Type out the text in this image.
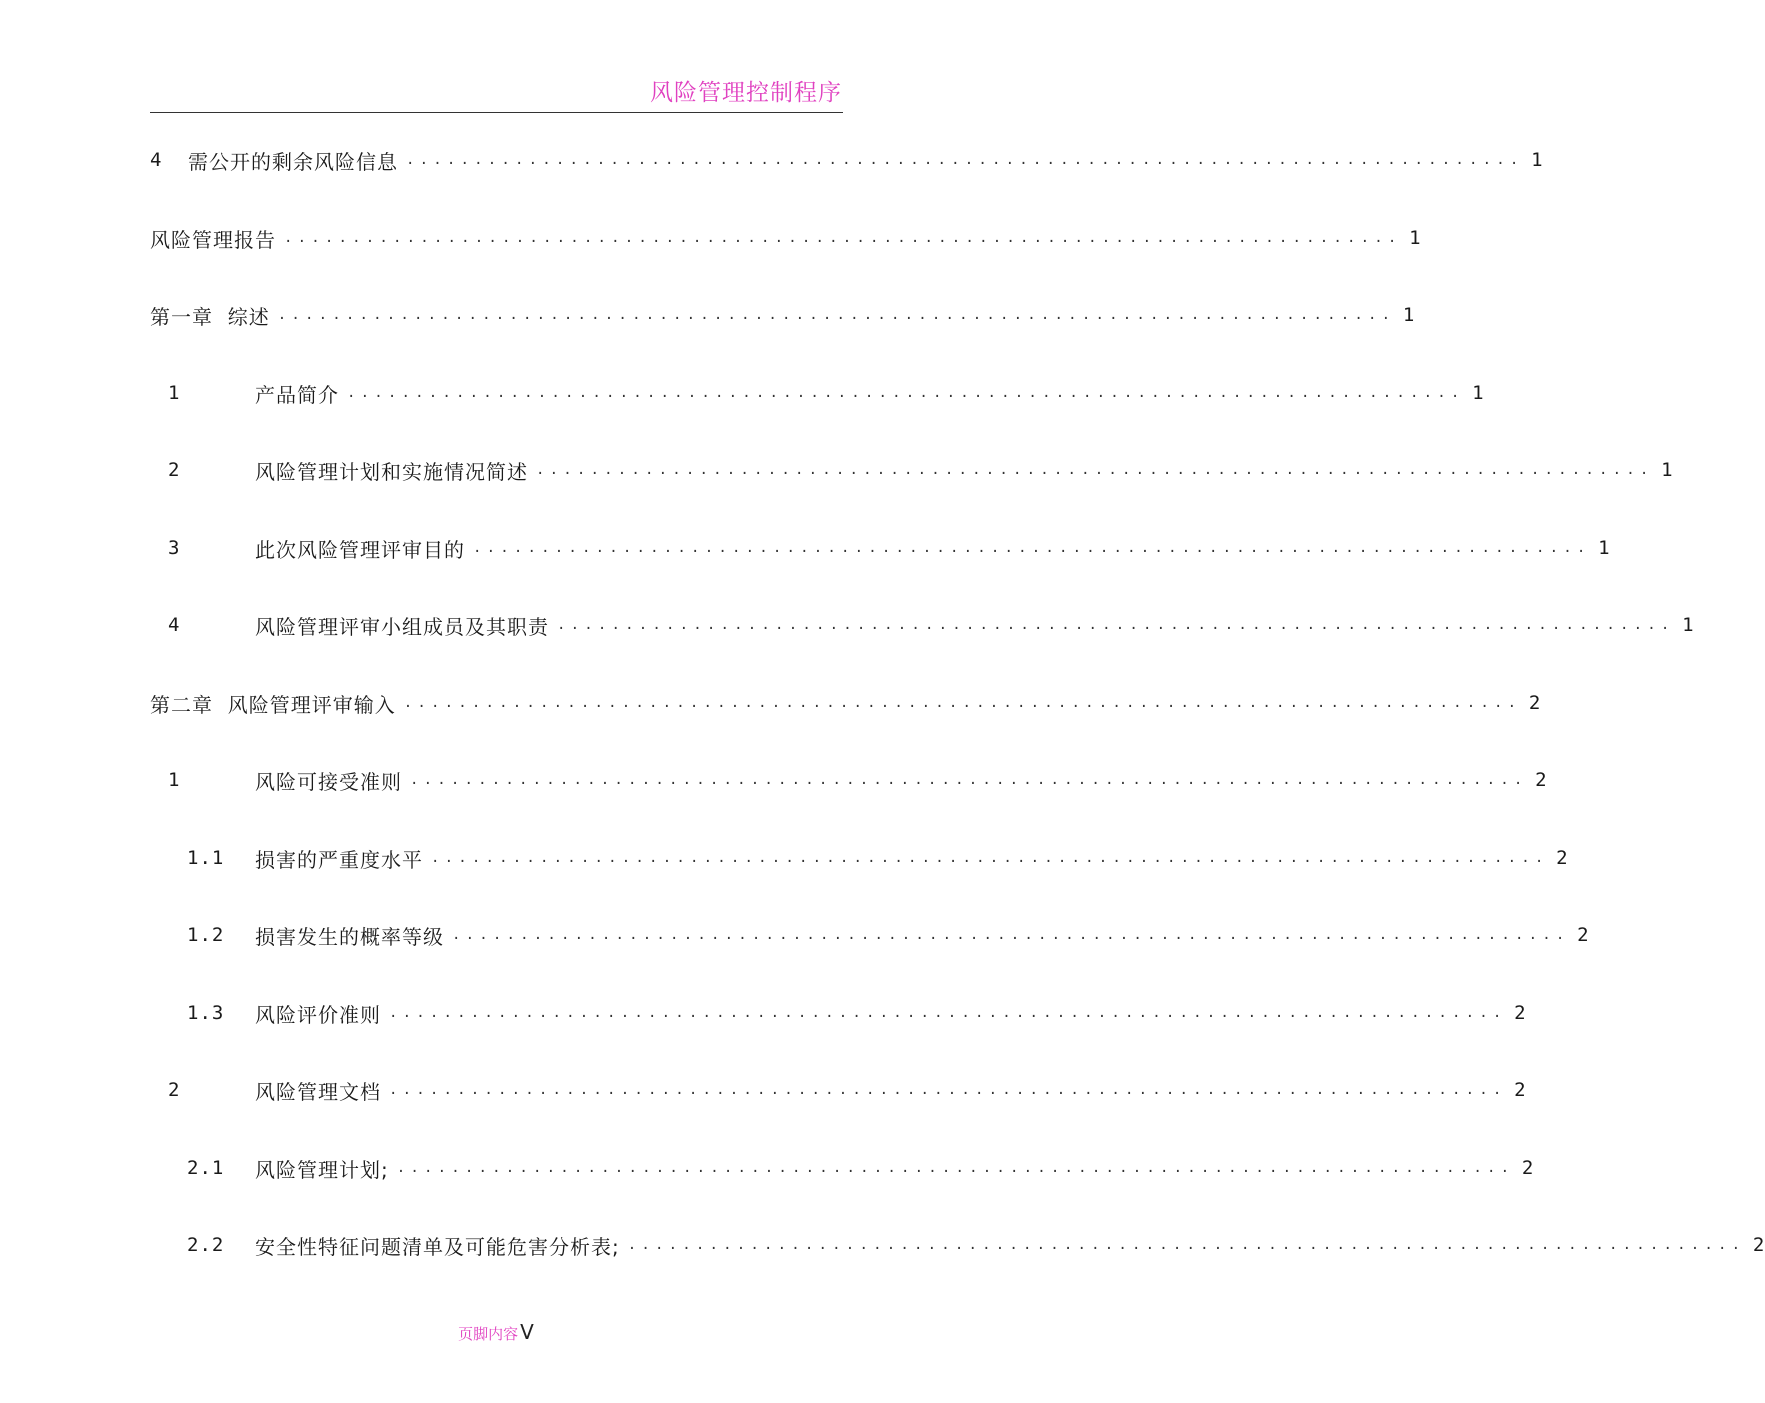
风险管理控制程序
4	需公开的剩余风险信息 .................................................................................. 1
风险管理报告 .................................................................................. 1
第一章  综述 .................................................................................. 1
1	产品简介 .................................................................................. 1
2	风险管理计划和实施情况简述 .................................................................................. 1
3	此次风险管理评审目的 .................................................................................. 1
4	风险管理评审小组成员及其职责 .................................................................................. 1
第二章  风险管理评审输入 .................................................................................. 2
1	风险可接受准则 .................................................................................. 2
1.1	损害的严重度水平 .................................................................................. 2
1.2	损害发生的概率等级 .................................................................................. 2
1.3	风险评价准则 .................................................................................. 2
2	风险管理文档 .................................................................................. 2
2.1	风险管理计划; .................................................................................. 2
2.2	安全性特征问题清单及可能危害分析表; .................................................................................. 2
页脚内容 V
